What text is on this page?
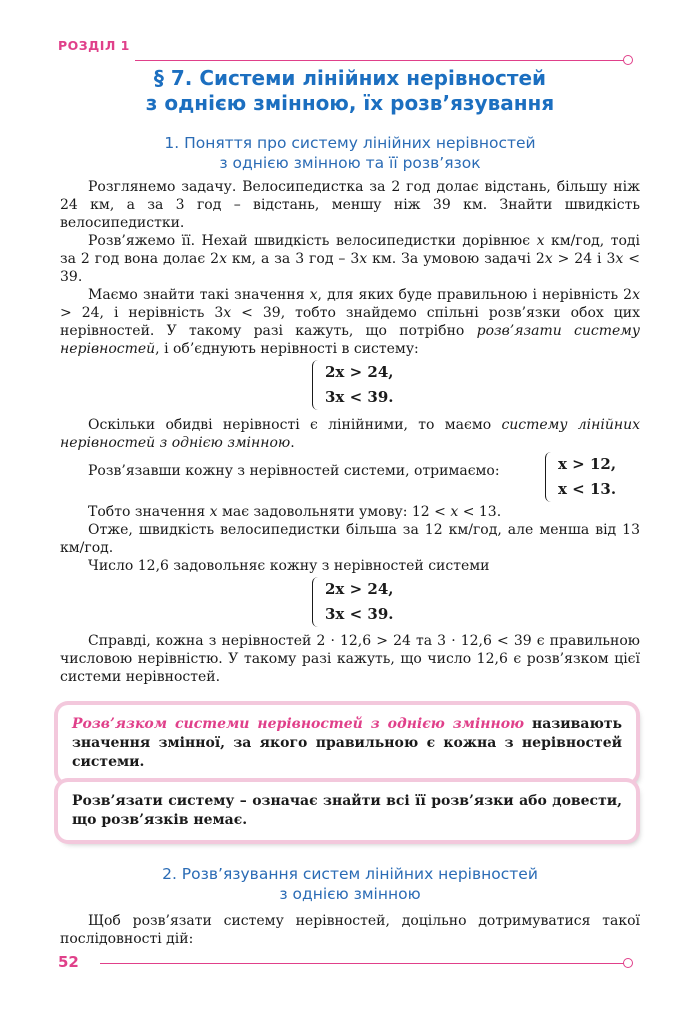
РОЗДІЛ 1
§ 7. Системи лінійних нерівностей
з однією змінною, їх розв’язування
1. Поняття про систему лінійних нерівностей
з однією змінною та її розв’язок

Розглянемо задачу. Велосипедистка за 2 год долає відстань, більшу ніж 24 км, а за 3 год – відстань, меншу ніж 39 км. Знайти швидкість велосипедистки.

Розв’яжемо її. Нехай швидкість велосипедистки дорівнює x км/год, тоді за 2 год вона долає 2x км, а за 3 год – 3x км. За умовою задачі 2x > 24 і 3x < 39.

Маємо знайти такі значення x, для яких буде правильною і нерівність 2x > 24, і нерівність 3x < 39, тобто знайдемо спільні розв’язки обох цих нерівностей. У такому разі кажуть, що потрібно розв’язати систему нерівностей, і об’єднують нерівності в систему:

2x > 24,
3x < 39.

Оскільки обидві нерівності є лінійними, то маємо систему лінійних нерівностей з однією змінною.

Розв’язавши кожну з нерівностей системи, отримаємо:	x > 12,
x < 13.

Тобто значення x має задовольняти умову: 12 < x < 13.

Отже, швидкість велосипедистки більша за 12 км/год, але менша від 13 км/год.

Число 12,6 задовольняє кожну з нерівностей системи

2x > 24,
3x < 39.

Справді, кожна з нерівностей 2 · 12,6 > 24 та 3 · 12,6 < 39 є правильною числовою нерівністю. У такому разі кажуть, що число 12,6 є розв’язком цієї системи нерівностей.

Розв’язком системи нерівностей з однією змінною називають значення змінної, за якого правильною є кожна з нерівностей системи.
Розв’язати систему – означає знайти всі її розв’язки або довести, що розв’язків немає.
2. Розв’язування систем лінійних нерівностей
з однією змінною

Щоб розв’язати систему нерівностей, доцільно дотримуватися такої послідовності дій:

52
